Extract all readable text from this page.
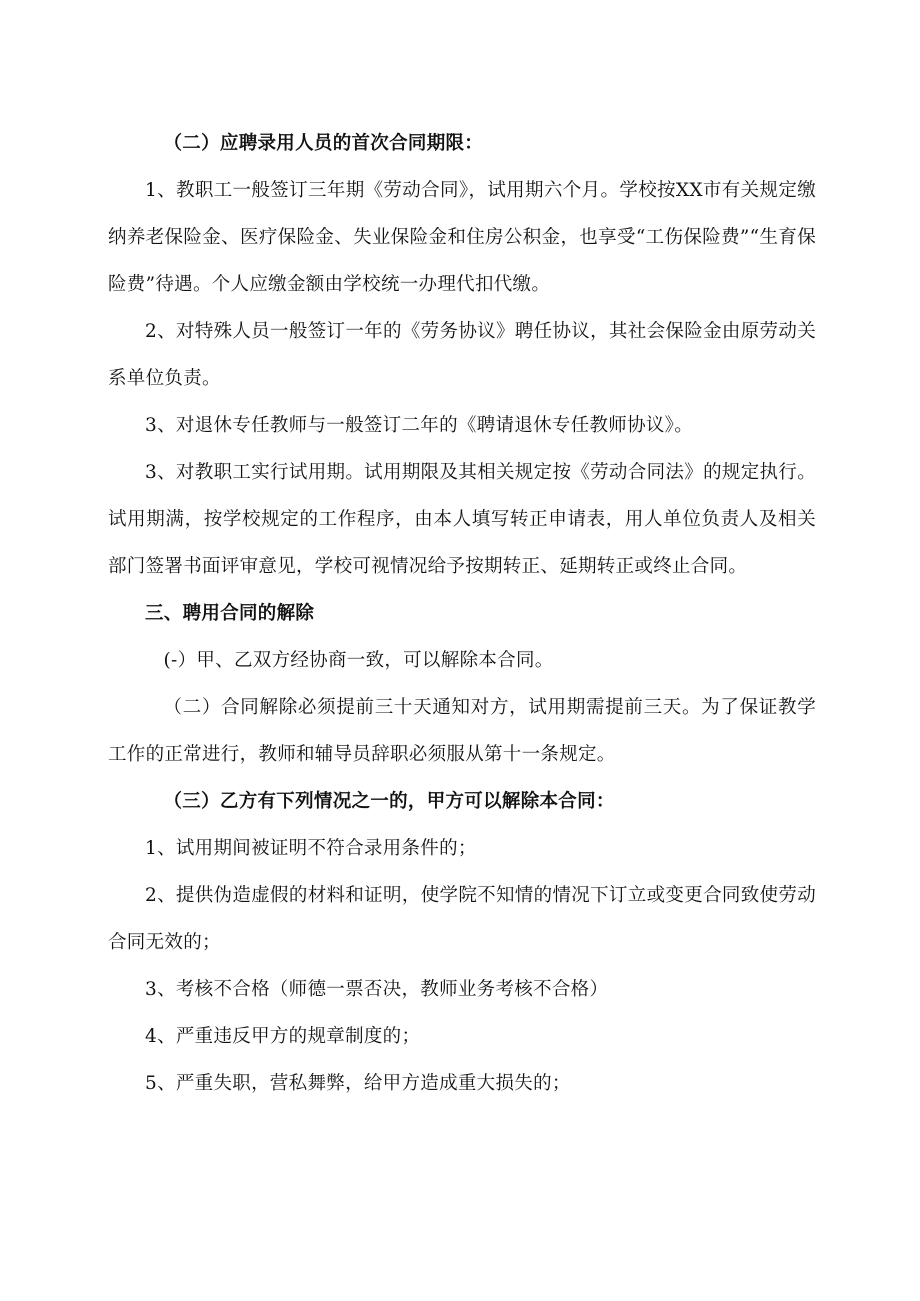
（二）应聘录用人员的首次合同期限：

1、教职工一般签订三年期《劳动合同》，试用期六个月。学校按XX市有关规定缴纳养老保险金、医疗保险金、失业保险金和住房公积金，也享受“工伤保险费”“生育保险费”待遇。个人应缴金额由学校统一办理代扣代缴。

2、对特殊人员一般签订一年的《劳务协议》聘任协议，其社会保险金由原劳动关系单位负责。

3、对退休专任教师与一般签订二年的《聘请退休专任教师协议》。

3、对教职工实行试用期。试用期限及其相关规定按《劳动合同法》的规定执行。试用期满，按学校规定的工作程序，由本人填写转正申请表，用人单位负责人及相关部门签署书面评审意见，学校可视情况给予按期转正、延期转正或终止合同。

三、聘用合同的解除

(-）甲、乙双方经协商一致，可以解除本合同。

（二）合同解除必须提前三十天通知对方，试用期需提前三天。为了保证教学工作的正常进行，教师和辅导员辞职必须服从第十一条规定。

（三）乙方有下列情况之一的，甲方可以解除本合同：

1、试用期间被证明不符合录用条件的；

2、提供伪造虚假的材料和证明，使学院不知情的情况下订立或变更合同致使劳动合同无效的；

3、考核不合格（师德一票否决，教师业务考核不合格）

4、严重违反甲方的规章制度的；

5、严重失职，营私舞弊，给甲方造成重大损失的；
